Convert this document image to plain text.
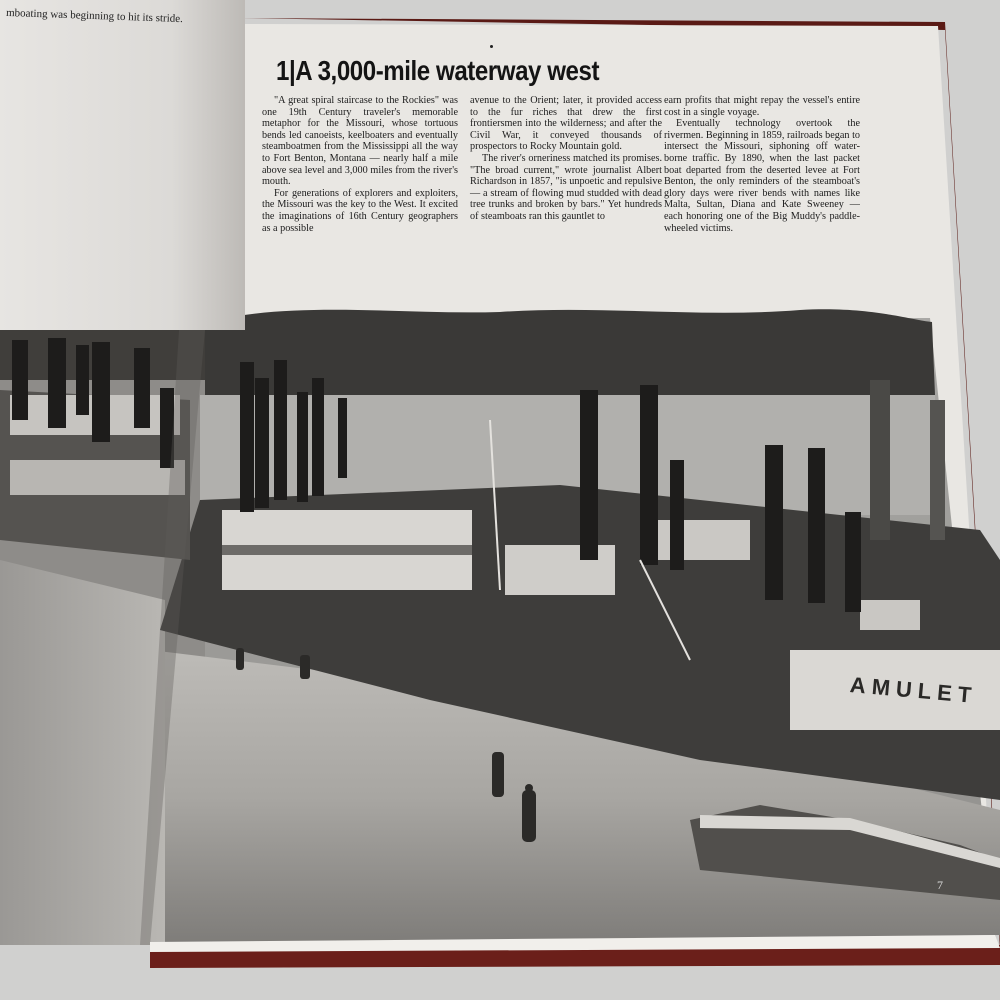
mboating was beginning to hit its stride.
1|A 3,000-mile waterway west

"A great spiral staircase to the Rockies" was one 19th Century traveler's memorable metaphor for the Missouri, whose tortuous bends led canoeists, keelboaters and eventually steamboatmen from the Mississippi all the way to Fort Benton, Montana — nearly half a mile above sea level and 3,000 miles from the river's mouth.

For generations of explorers and exploiters, the Missouri was the key to the West. It excited the imaginations of 16th Century geographers as a possible

avenue to the Orient; later, it provided access to the fur riches that drew the first frontiersmen into the wilderness; and after the Civil War, it conveyed thousands of prospectors to Rocky Mountain gold.

The river's orneriness matched its promises. "The broad current," wrote journalist Albert Richardson in 1857, "is unpoetic and repulsive — a stream of flowing mud studded with dead tree trunks and broken by bars." Yet hundreds of steamboats ran this gauntlet to

earn profits that might repay the vessel's entire cost in a single voyage.

Eventually technology overtook the rivermen. Beginning in 1859, railroads began to intersect the Missouri, siphoning off water-borne traffic. By 1890, when the last packet boat departed from the deserted levee at Fort Benton, the only reminders of the steamboat's glory days were river bends with names like Malta, Sultan, Diana and Kate Sweeney — each honoring one of the Big Muddy's paddle-wheeled victims.

AMULET
7
